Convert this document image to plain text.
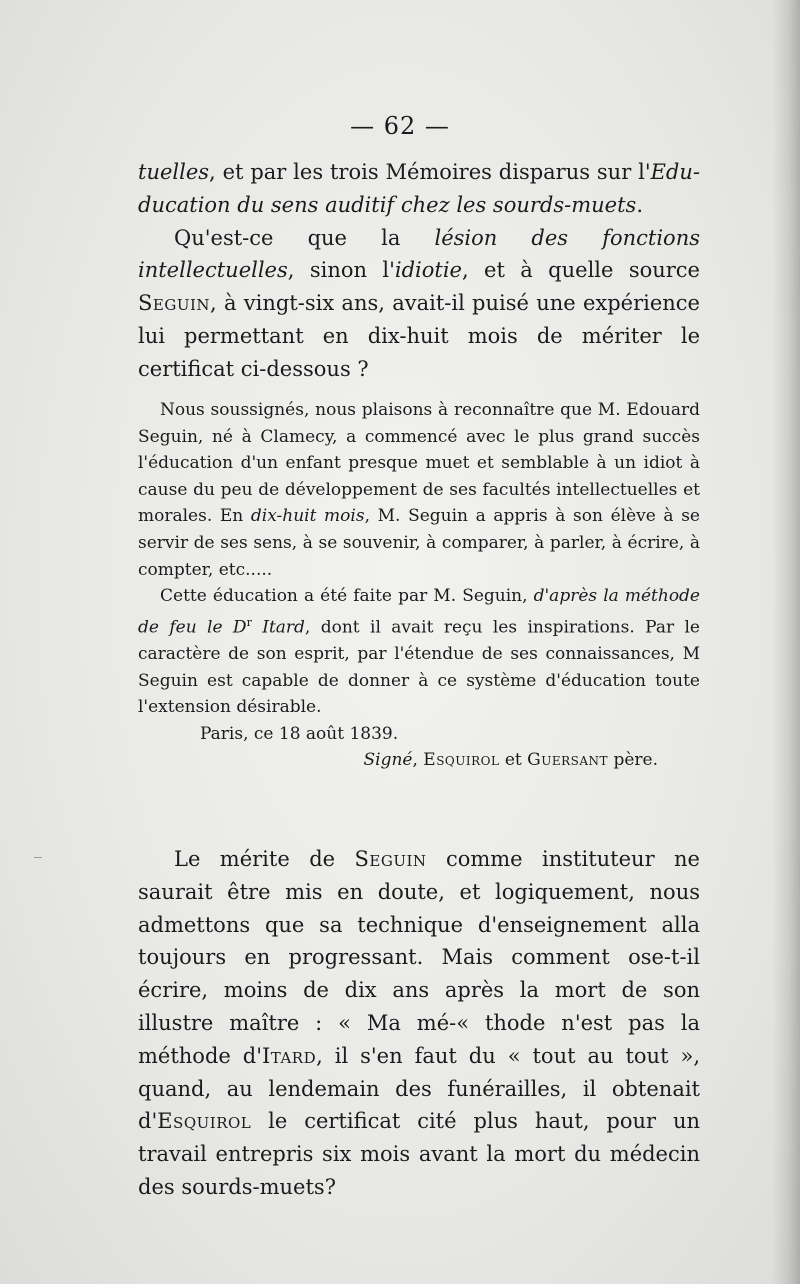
— 62 —

tuelles, et par les trois Mémoires disparus sur l'Edu-ducation du sens auditif chez les sourds-muets.

Qu'est-ce que la lésion des fonctions intellectuelles, sinon l'idiotie, et à quelle source Seguin, à vingt-six ans, avait-il puisé une expérience lui permettant en dix-huit mois de mériter le certificat ci-dessous ?

Nous soussignés, nous plaisons à reconnaître que M. Edouard Seguin, né à Clamecy, a commencé avec le plus grand succès l'éducation d'un enfant presque muet et semblable à un idiot à cause du peu de développement de ses facultés intellectuelles et morales. En dix-huit mois, M. Seguin a appris à son élève à se servir de ses sens, à se souvenir, à comparer, à parler, à écrire, à compter, etc.....

Cette éducation a été faite par M. Seguin, d'après la méthode de feu le $D^r$ Itard, dont il avait reçu les inspirations. Par le caractère de son esprit, par l'étendue de ses connaissances, M Seguin est capable de donner à ce système d'éducation toute l'extension désirable.

Paris, ce 18 août 1839.

Signé, Esquirol et Guersant père.

Le mérite de Seguin comme instituteur ne saurait être mis en doute, et logiquement, nous admettons que sa technique d'enseignement alla toujours en progressant. Mais comment ose-t-il écrire, moins de dix ans après la mort de son illustre maître : « Ma mé-« thode n'est pas la méthode d'Itard, il s'en faut du « tout au tout », quand, au lendemain des funérailles, il obtenait d'Esquirol le certificat cité plus haut, pour un travail entrepris six mois avant la mort du médecin des sourds-muets?
